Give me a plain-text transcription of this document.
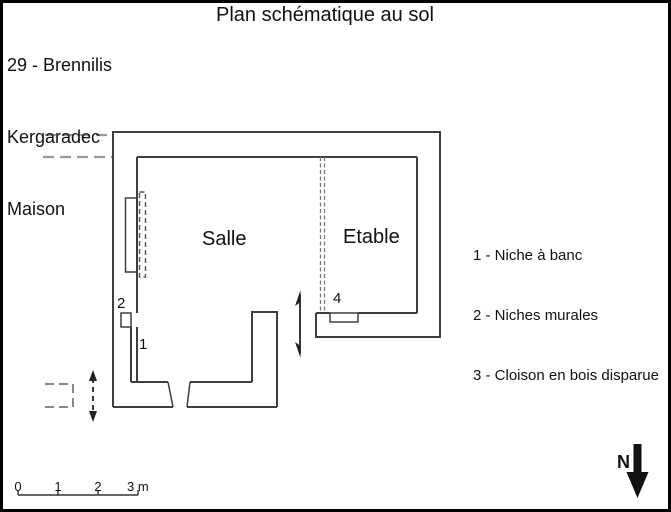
29 - Brennilis

Kergaradec

Maison

Plan schématique au sol
Salle	Etable
1
2	4

1 - Niche à banc

2 - Niches murales

3 - Cloison en bois disparue

0	1	2 3 m
N
